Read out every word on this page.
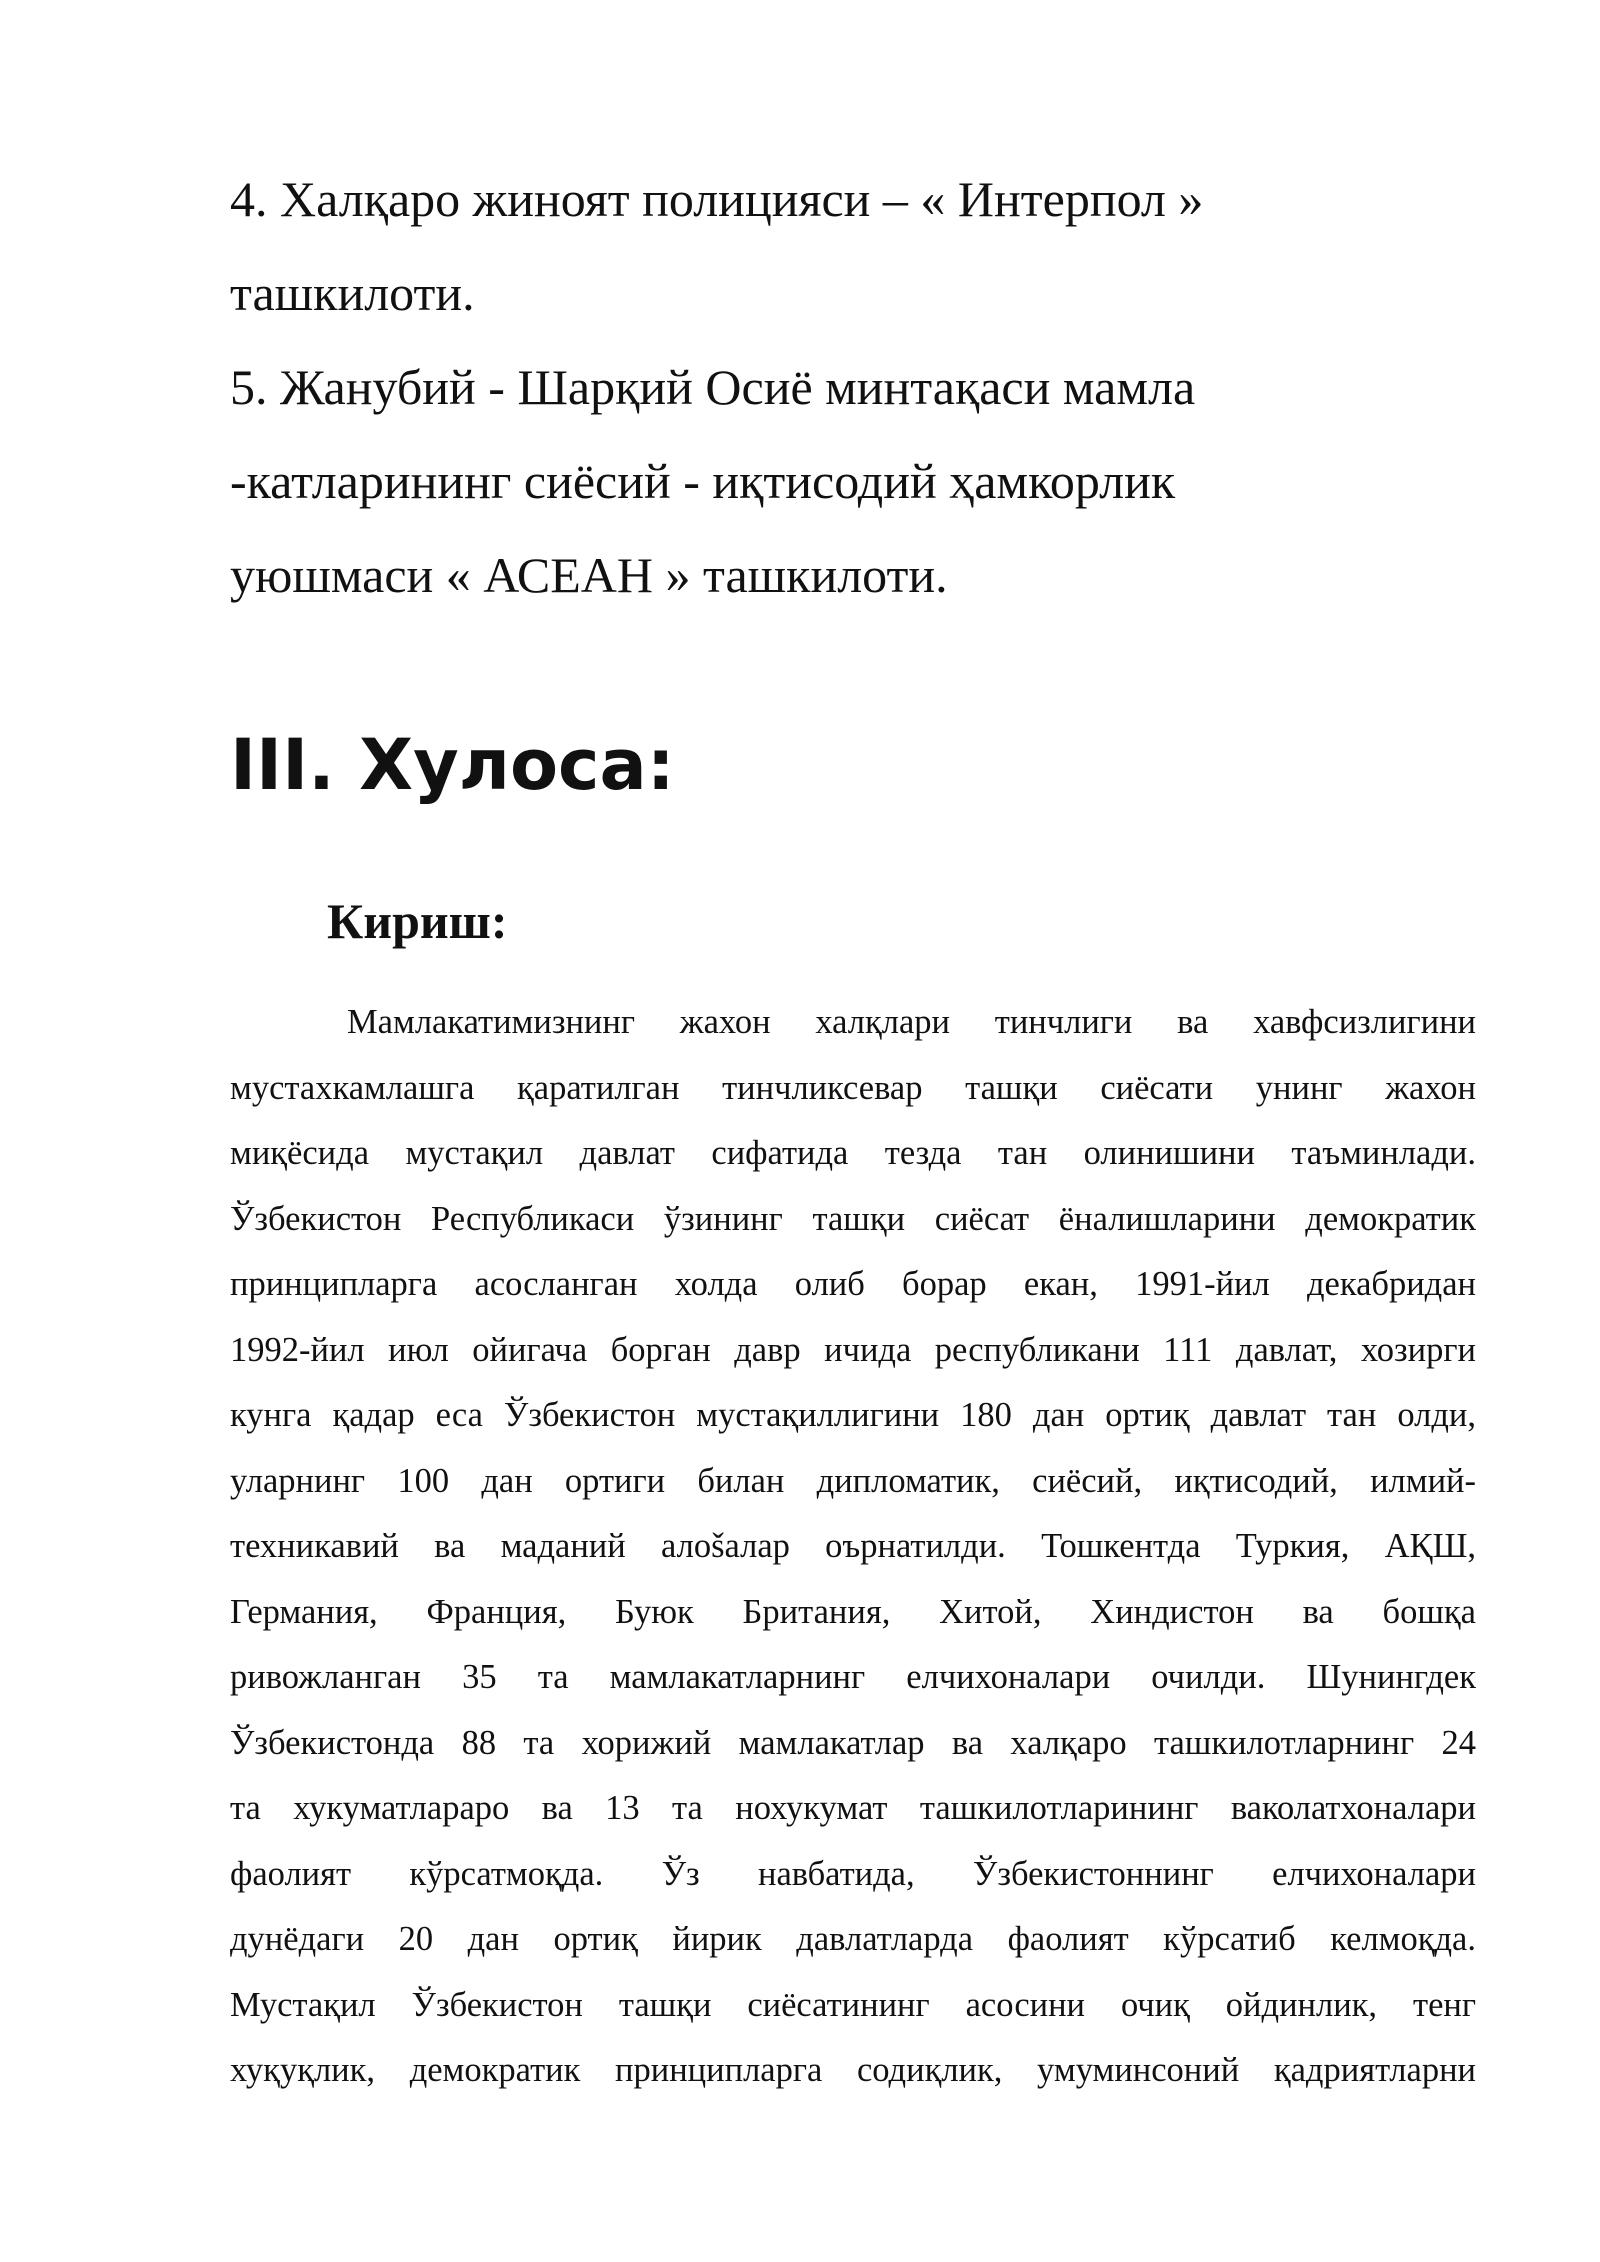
4. Халқаро жиноят полицияси – « Интерпол »
ташкилоти.
5. Жанубий - Шарқий Осиё минтақаси мамла
-катларининг сиёсий - иқтисодий ҳамкорлик
уюшмаси « АСЕАН » ташкилоти.
III. Хулоса:
Кириш:
Мамлакатимизнинг жахон халқлари тинчлиги ва хавфсизлигини
мустахкамлашга қаратилган тинчликсевар ташқи сиёсати унинг жахон
миқёсида мустақил давлат сифатида тезда тан олинишини таъминлади.
Ўзбекистон Республикаси ўзининг ташқи сиёсат ёналишларини демократик
принципларга асосланган холда олиб борар екан, 1991-йил декабридан
1992-йил июл ойигача борган давр ичида республикани 111 давлат, хозирги
кунга қадар еса Ўзбекистон мустақиллигини 180 дан ортиқ давлат тан олди,
уларнинг 100 дан ортиги билан дипломатик, сиёсий, иқтисодий, илмий-
техникавий ва маданий алоšалар оърнатилди. Тошкентда Туркия, АҚШ,
Германия, Франция, Буюк Британия, Хитой, Хиндистон ва бошқа
ривожланган 35 та мамлакатларнинг елчихоналари очилди. Шунингдек
Ўзбекистонда 88 та хорижий мамлакатлар ва халқаро ташкилотларнинг 24
та хукуматлараро ва 13 та нохукумат ташкилотларининг ваколатхоналари
фаолият кўрсатмоқда. Ўз навбатида, Ўзбекистоннинг елчихоналари
дунёдаги 20 дан ортиқ йирик давлатларда фаолият кўрсатиб келмоқда.
Мустақил Ўзбекистон ташқи сиёсатининг асосини очиқ ойдинлик, тенг
хуқуқлик, демократик принципларга содиқлик, умуминсоний қадриятларни
